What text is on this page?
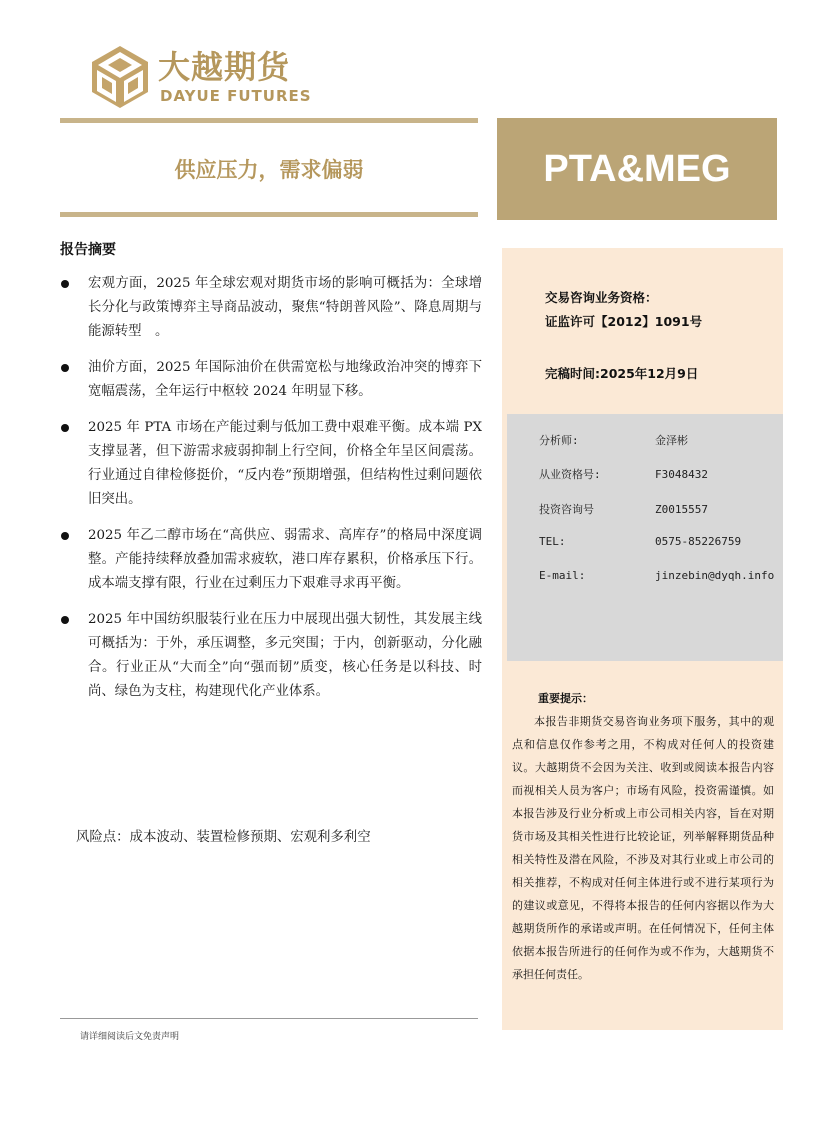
大越期货
DAYUE FUTURES
供应压力，需求偏弱	PTA&MEG
报告摘要
宏观方面，2025 年全球宏观对期货市场的影响可概括为：全球增长分化与政策博弈主导商品波动，聚焦“特朗普风险”、降息周期与能源转型　。
油价方面，2025 年国际油价在供需宽松与地缘政治冲突的博弈下宽幅震荡，全年运行中枢较 2024 年明显下移。
2025 年 PTA 市场在产能过剩与低加工费中艰难平衡。成本端 PX 支撑显著，但下游需求疲弱抑制上行空间，价格全年呈区间震荡。行业通过自律检修挺价，“反内卷”预期增强，但结构性过剩问题依旧突出。
2025 年乙二醇市场在“高供应、弱需求、高库存”的格局中深度调整。产能持续释放叠加需求疲软，港口库存累积，价格承压下行。成本端支撑有限，行业在过剩压力下艰难寻求再平衡。
2025 年中国纺织服装行业在压力中展现出强大韧性，其发展主线可概括为：于外，承压调整，多元突围；于内，创新驱动，分化融合。行业正从“大而全”向“强而韧”质变，核心任务是以科技、时尚、绿色为支柱，构建现代化产业体系。
风险点：成本波动、装置检修预期、宏观利多利空
请详细阅读后文免责声明
交易咨询业务资格：
证监许可【2012】1091号
完稿时间:2025年12月9日
分析师:	金泽彬
从业资格号:	F3048432
投资咨询号	Z0015557
TEL:	0575-85226759
E-mail:	jinzebin@dyqh.info
重要提示：

本报告非期货交易咨询业务项下服务，其中的观点和信息仅作参考之用，不构成对任何人的投资建议。大越期货不会因为关注、收到或阅读本报告内容而视相关人员为客户；市场有风险，投资需谨慎。如本报告涉及行业分析或上市公司相关内容，旨在对期货市场及其相关性进行比较论证，列举解释期货品种相关特性及潜在风险，不涉及对其行业或上市公司的相关推荐，不构成对任何主体进行或不进行某项行为的建议或意见，不得将本报告的任何内容据以作为大越期货所作的承诺或声明。在任何情况下，任何主体依据本报告所进行的任何作为或不作为，大越期货不承担任何责任。
